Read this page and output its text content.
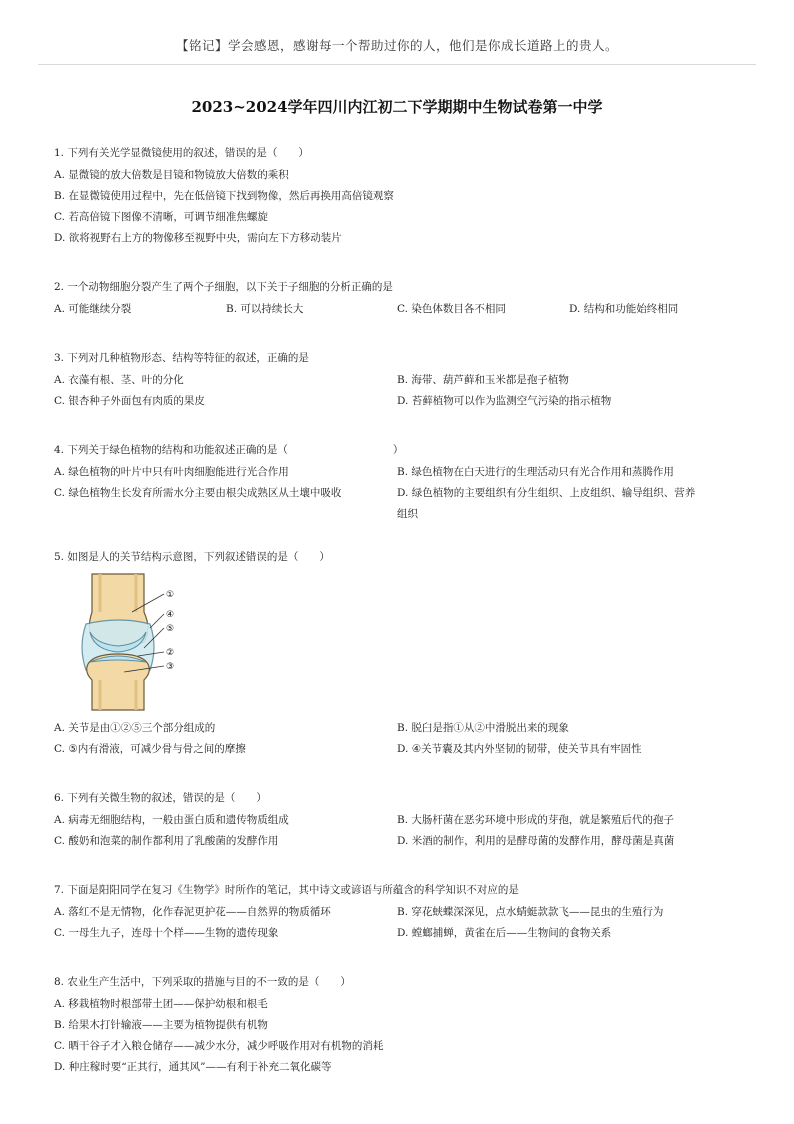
【铭记】学会感恩，感谢每一个帮助过你的人，他们是你成长道路上的贵人。
2023~2024学年四川内江初二下学期期中生物试卷第一中学
1. 下列有关光学显微镜使用的叙述，错误的是（　　）
A. 显微镜的放大倍数是目镜和物镜放大倍数的乘积
B. 在显微镜使用过程中，先在低倍镜下找到物像，然后再换用高倍镜观察
C. 若高倍镜下图像不清晰，可调节细准焦螺旋
D. 欲将视野右上方的物像移至视野中央，需向左下方移动装片
2. 一个动物细胞分裂产生了两个子细胞，以下关于子细胞的分析正确的是
A. 可能继续分裂	B. 可以持续长大	C. 染色体数目各不相同	D. 结构和功能始终相同
3. 下列对几种植物形态、结构等特征的叙述，正确的是
A. 衣藻有根、茎、叶的分化	B. 海带、葫芦藓和玉米都是孢子植物
C. 银杏种子外面包有肉质的果皮	D. 苔藓植物可以作为监测空气污染的指示植物
4. 下列关于绿色植物的结构和功能叙述正确的是（　　　　　　　　　　）
A. 绿色植物的叶片中只有叶肉细胞能进行光合作用	B. 绿色植物在白天进行的生理活动只有光合作用和蒸腾作用
C. 绿色植物生长发育所需水分主要由根尖成熟区从土壤中吸收	D. 绿色植物的主要组织有分生组织、上皮组织、输导组织、营养组织
5. 如图是人的关节结构示意图，下列叙述错误的是（　　）
①
④
⑤
②
③
A. 关节是由①②⑤三个部分组成的	B. 脱臼是指①从②中滑脱出来的现象
C. ⑤内有滑液，可减少骨与骨之间的摩擦	D. ④关节囊及其内外坚韧的韧带，使关节具有牢固性
6. 下列有关微生物的叙述，错误的是（　　）
A. 病毒无细胞结构，一般由蛋白质和遗传物质组成	B. 大肠杆菌在恶劣环境中形成的芽孢，就是繁殖后代的孢子
C. 酸奶和泡菜的制作都利用了乳酸菌的发酵作用	D. 米酒的制作，利用的是酵母菌的发酵作用，酵母菌是真菌
7. 下面是阳阳同学在复习《生物学》时所作的笔记，其中诗文或谚语与所蕴含的科学知识不对应的是
A. 落红不是无情物，化作春泥更护花——自然界的物质循环	B. 穿花蛱蝶深深见，点水蜻蜓款款飞——昆虫的生殖行为
C. 一母生九子，连母十个样——生物的遗传现象	D. 螳螂捕蝉，黄雀在后——生物间的食物关系
8. 农业生产生活中，下列采取的措施与目的不一致的是（　　）
A. 移栽植物时根部带土团——保护幼根和根毛
B. 给果木打针输液——主要为植物提供有机物
C. 晒干谷子才入粮仓储存——减少水分，减少呼吸作用对有机物的消耗
D. 种庄稼时要“正其行，通其风”——有利于补充二氧化碳等
